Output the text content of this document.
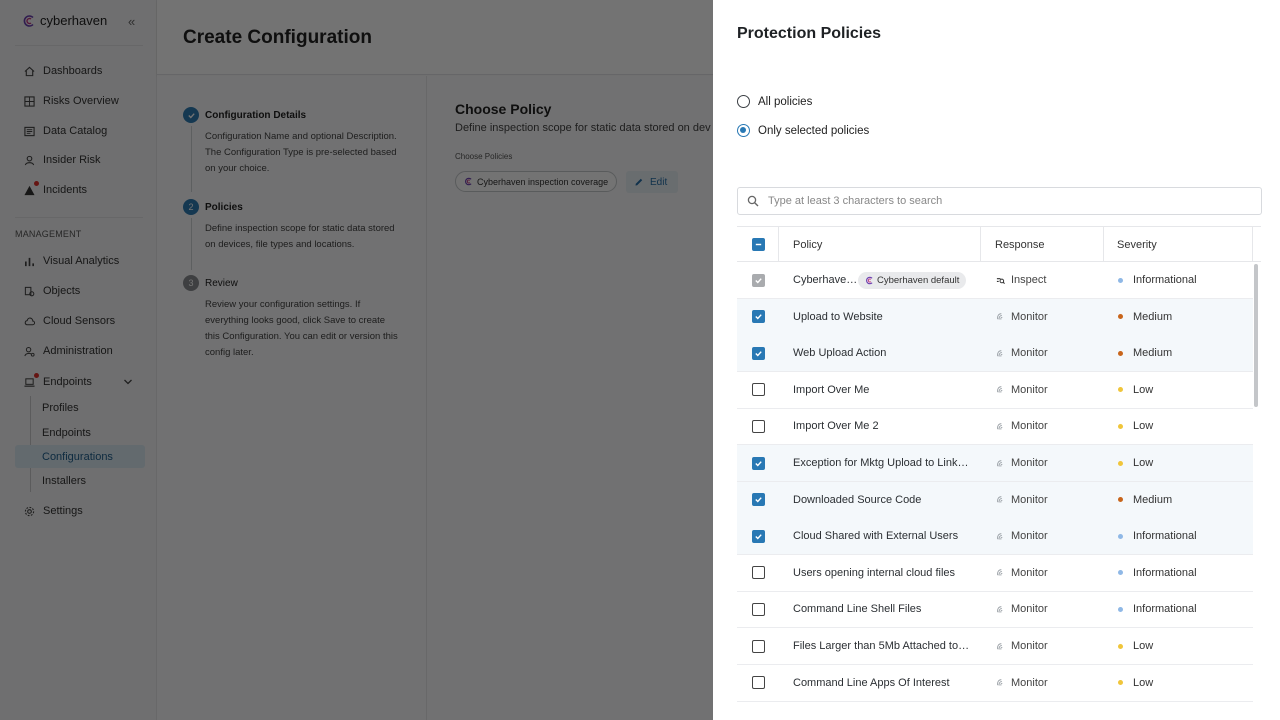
Protection Policies
All policies
Only selected policies
Type at least 3 characters to search
Policy	Response	Severity
Cyberhave… Cyberhaven default	Inspect	Informational
Upload to Website	Monitor	Medium
Web Upload Action	Monitor	Medium
Import Over Me	Monitor	Low
Import Over Me 2	Monitor	Low
Exception for Mktg Upload to Link…	Monitor	Low
Downloaded Source Code	Monitor	Medium
Cloud Shared with External Users	Monitor	Informational
Users opening internal cloud files	Monitor	Informational
Command Line Shell Files	Monitor	Informational
Files Larger than 5Mb Attached to…	Monitor	Low
Command Line Apps Of Interest	Monitor	Low
